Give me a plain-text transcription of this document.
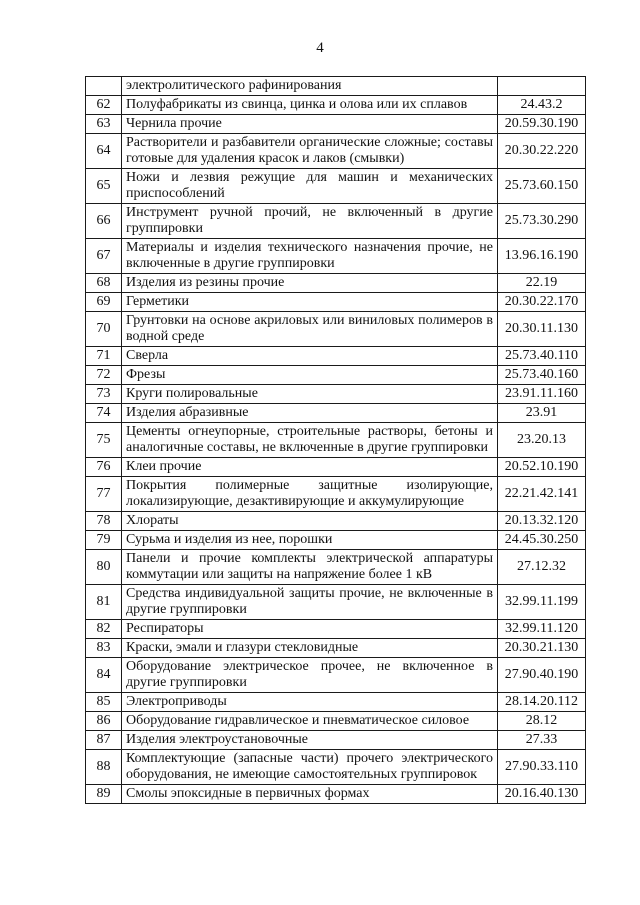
4
	электролитического рафинирования	
62	Полуфабрикаты из свинца, цинка и олова или их сплавов	24.43.2
63	Чернила прочие	20.59.30.190
64	Растворители и разбавители органические сложные; составы готовые для удаления красок и лаков (смывки)	20.30.22.220
65	Ножи и лезвия режущие для машин и механических приспособлений	25.73.60.150
66	Инструмент ручной прочий, не включенный в другие группировки	25.73.30.290
67	Материалы и изделия технического назначения прочие, не включенные в другие группировки	13.96.16.190
68	Изделия из резины прочие	22.19
69	Герметики	20.30.22.170
70	Грунтовки на основе акриловых или виниловых полимеров в водной среде	20.30.11.130
71	Сверла	25.73.40.110
72	Фрезы	25.73.40.160
73	Круги полировальные	23.91.11.160
74	Изделия абразивные	23.91
75	Цементы огнеупорные, строительные растворы, бетоны и аналогичные составы, не включенные в другие группировки	23.20.13
76	Клеи прочие	20.52.10.190
77	Покрытия полимерные защитные изолирующие, локализирующие, дезактивирующие и аккумулирующие	22.21.42.141
78	Хлораты	20.13.32.120
79	Сурьма и изделия из нее, порошки	24.45.30.250
80	Панели и прочие комплекты электрической аппаратуры коммутации или защиты на напряжение более 1 кВ	27.12.32
81	Средства индивидуальной защиты прочие, не включенные в другие группировки	32.99.11.199
82	Респираторы	32.99.11.120
83	Краски, эмали и глазури стекловидные	20.30.21.130
84	Оборудование электрическое прочее, не включенное в другие группировки	27.90.40.190
85	Электроприводы	28.14.20.112
86	Оборудование гидравлическое и пневматическое силовое	28.12
87	Изделия электроустановочные	27.33
88	Комплектующие (запасные части) прочего электрического оборудования, не имеющие самостоятельных группировок	27.90.33.110
89	Смолы эпоксидные в первичных формах	20.16.40.130
